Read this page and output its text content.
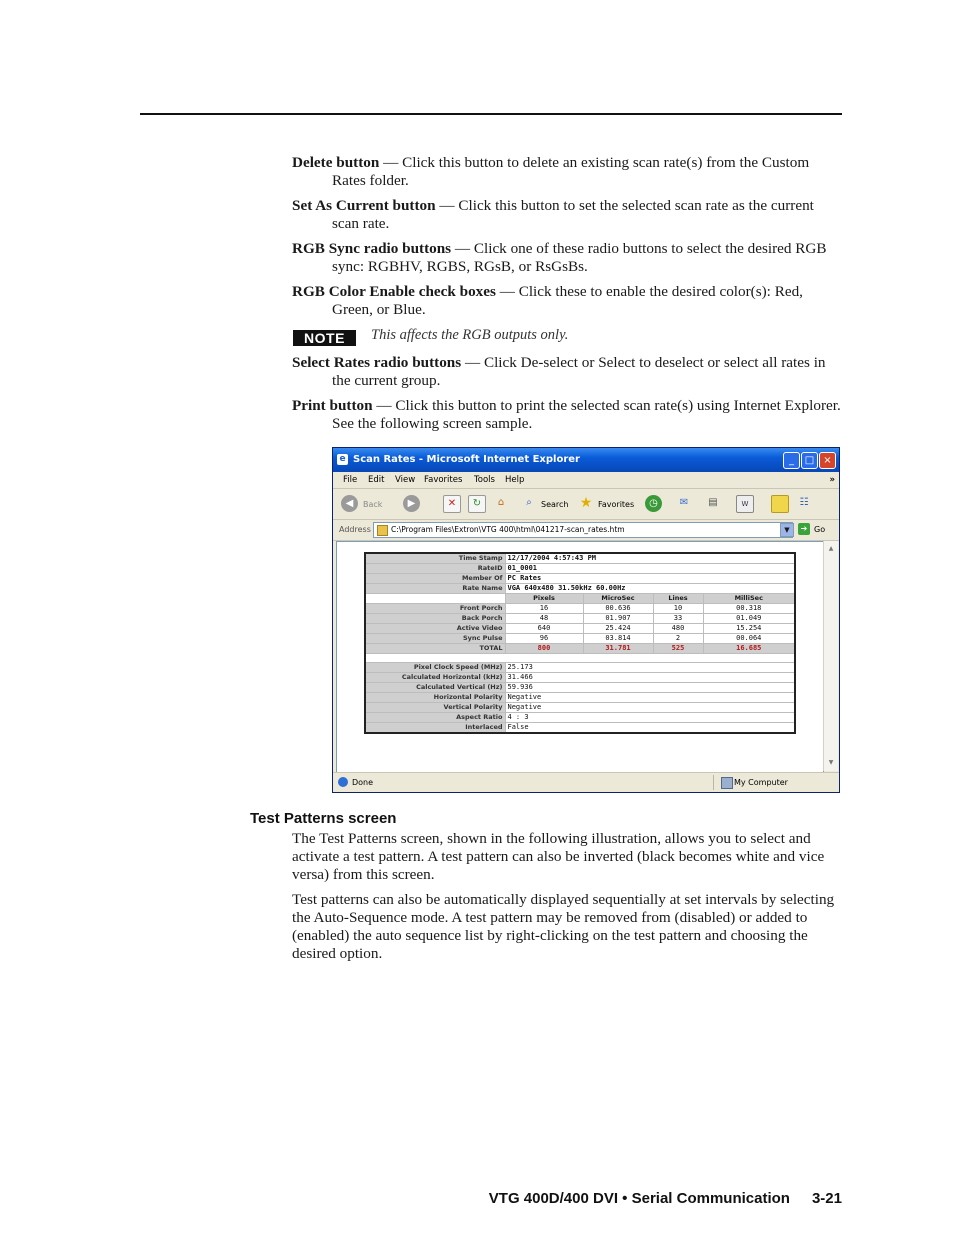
Delete button — Click this button to delete an existing scan rate(s) from the Custom Rates folder.

Set As Current button — Click this button to set the selected scan rate as the current scan rate.

RGB Sync radio buttons — Click one of these radio buttons to select the desired RGB sync: RGBHV, RGBS, RGsB, or RsGsBs.

RGB Color Enable check boxes — Click these to enable the desired color(s): Red, Green, or Blue.

NOTE	This affects the RGB outputs only.

Select Rates radio buttons — Click De-select or Select to deselect or select all rates in the current group.

Print button — Click this button to print the selected scan rate(s) using Internet Explorer. See the following screen sample.

e Scan Rates - Microsoft Internet Explorer	_	□ ×
File Edit View Favorites Tools Help	»
◀	Back	▶	✕	↻	⌂	⌕	Search ★ Favorites	◷	✉	▤	W	☷
Address	C:\Program Files\Extron\VTG 400\html\041217-scan_rates.htm	▼	➔ Go
Time Stamp	12/17/2004 4:57:43 PM			
RateID	01_0001			
Member Of	PC Rates			
Rate Name	VGA 640x480 31.50kHz 60.00Hz			
	Pixels	MicroSec	Lines	MilliSec
Front Porch	16	00.636	10	00.318
Back Porch	48	01.907	33	01.049
Active Video	640	25.424	480	15.254
Sync Pulse	96	03.814	2	00.064
TOTAL	800	31.781	525	16.685

Pixel Clock Speed (MHz)	25.173			
Calculated Horizontal (kHz)	31.466			
Calculated Vertical (Hz)	59.936			
Horizontal Polarity	Negative			
Vertical Polarity	Negative			
Aspect Ratio	4 : 3			
Interlaced	False			
▲
▼
Done	My Computer
Test Patterns screen

The Test Patterns screen, shown in the following illustration, allows you to select and activate a test pattern. A test pattern can also be inverted (black becomes white and vice versa) from this screen.

Test patterns can also be automatically displayed sequentially at set intervals by selecting the Auto-Sequence mode. A test pattern may be removed from (disabled) or added to (enabled) the auto sequence list by right-clicking on the test pattern and choosing the desired option.

VTG 400D/400 DVI • Serial Communication 3-21
